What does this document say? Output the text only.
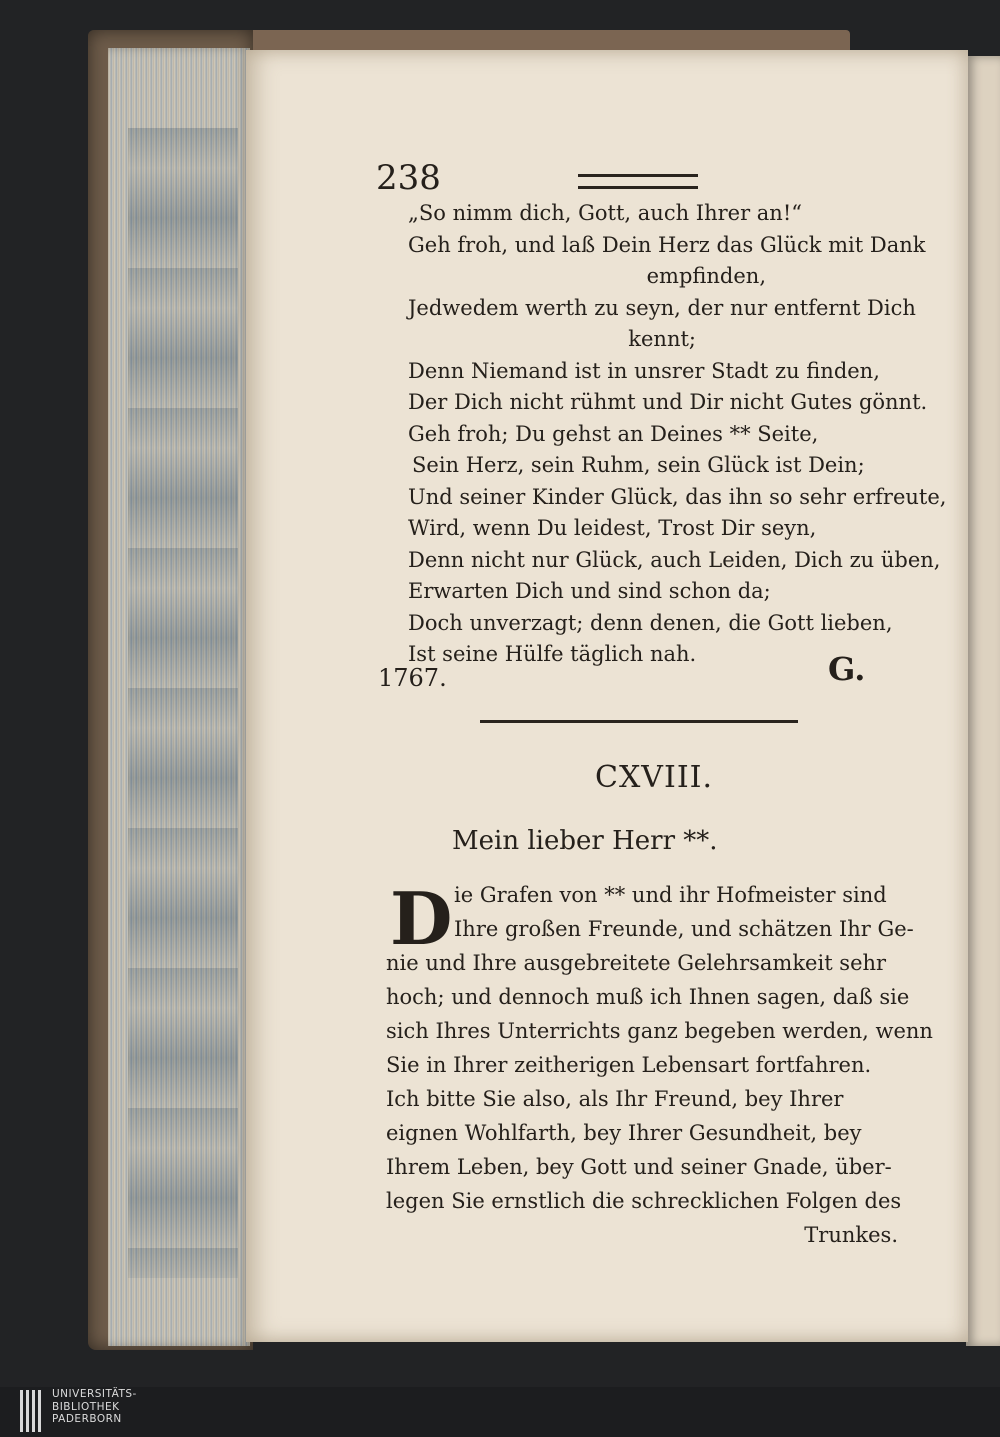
238
„So nimm dich, Gott, auch Ihrer an!“
Geh froh, und laß Dein Herz das Glück mit Dank
empfinden,
Jedwedem werth zu seyn, der nur entfernt Dich
kennt;
Denn Niemand ist in unsrer Stadt zu finden,
Der Dich nicht rühmt und Dir nicht Gutes gönnt.
Geh froh; Du gehst an Deines ** Seite,
Sein Herz, sein Ruhm, sein Glück ist Dein;
Und seiner Kinder Glück, das ihn so sehr erfreute,
Wird, wenn Du leidest, Trost Dir seyn,
Denn nicht nur Glück, auch Leiden, Dich zu üben,
Erwarten Dich und sind schon da;
Doch unverzagt; denn denen, die Gott lieben,
Ist seine Hülfe täglich nah.
1767.	G.
CXVIII.
Mein lieber Herr **.
D ie Grafen von ** und ihr Hofmeister sind
Ihre großen Freunde, und schätzen Ihr Ge-
nie und Ihre ausgebreitete Gelehrsamkeit sehr
hoch; und dennoch muß ich Ihnen sagen, daß sie
sich Ihres Unterrichts ganz begeben werden, wenn
Sie in Ihrer zeitherigen Lebensart fortfahren.
Ich bitte Sie also, als Ihr Freund, bey Ihrer
eignen Wohlfarth, bey Ihrer Gesundheit, bey
Ihrem Leben, bey Gott und seiner Gnade, über-
legen Sie ernstlich die schrecklichen Folgen des
Trunkes.
UNIVERSITÄTS-
BIBLIOTHEK
PADERBORN
